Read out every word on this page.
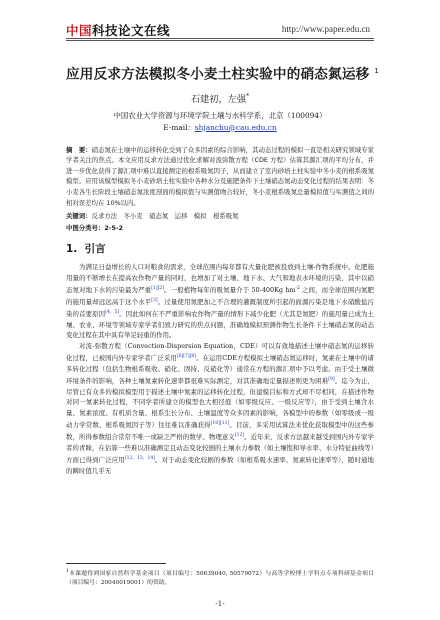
中国科技论文在线	http://www.paper.edu.cn
应用反求方法模拟冬小麦土柱实验中的硝态氮运移 $^1$
石建初，左强*
中国农业大学资源与环境学院土壤与水科学系，北京（100094）
E-mail：shjanchu@cau.edu.cn
摘　要：硝态氮在土壤中的运移转化受到了众多因素的综合影响，其动态过程的模拟一直是相关研究领域专家学者关注的焦点。本文应用反求方法通过优化求解对流弥散方程（CDE 方程）估算其源汇项的平均分布，并进一步优化获得了源汇项中难以直接测定的根系吸氮因子，从而建立了室内砂培土柱实验中冬小麦的根系吸氮模型。应用该模型模拟冬小麦砂培土柱实验中各种水分及施肥条件下土壤硝态氮动态变化过程的结果表明：冬小麦各生长阶段土壤硝态氮浓度剖面的模拟值与实测值吻合较好，冬小麦根系吸氮总量模拟值与实测值之间的相对误差均在 10%以内。
关键词：反求方法　冬小麦　硝态氮　运移　模拟　根系吸氮
中图分类号：2-5-2
1. 引言

为满足日益增长的人口对粮食的需求，全球范围内每年都有大量化肥被投放到土壤-作物系统中。化肥施用量的不断增长在提高农作物产量的同时，也增加了对土壤、地下水、大气和地表水环境的污染，其中以硝态氮对地下水的污染最为严重[1][2]。一般植物每年的吸氮量介于 50-400Kg $hm^{-2}$ 之间，而全球范围内氮肥的施用量却远远高于这个水平[3]。过量使用氮肥加之不合理的灌溉制度所引起的面源污染是地下水硝酸盐污染的首要原因[4，5]。因此如何在不严重影响农作物产量的情形下减少化肥（尤其是氮肥）的施用量已成为土壤、农业、环境等领域专家学者们致力研究的焦点问题，准确地模拟预测作物生长条件下土壤硝态氮的动态变化过程在其中具有举足轻重的作用。

对流-弥散方程（Convection-Dispersion Equation，CDE）可以有效地描述土壤中硝态氮的运移转化过程，已被国内外专家学者广泛采用[6][7][8]。在运用CDE方程模拟土壤硝态氮运移时，氮素在土壤中的诸多转化过程（包括生物根系吸收、硝化、固持、反硝化等）通常在方程的源汇项中予以考虑。由于受土壤微环境条件的影响，各种土壤氮素转化速率都很难实际测定，对其准确地定量描述则更为困难[9]。迄今为止，尽管已有众多的模拟模型用于描述土壤中氮素的运移转化过程，但建模目标和方式却不尽相同，在描述作物对同一氮素转化过程，不同学者所建立的模型也大相径庭（如零级反应、一级反应等），由于受到土壤含水量、氮素浓度、有机质含量、根系生长分布、土壤温度等众多因素的影响，各模型中的参数（如零级或一级动力学常数、根系吸氮因子等）往往难以准确获得[10][11]。目前，多采用试算法来优化获取模型中的这些参数，所得参数组合常常不唯一或缺乏严格的数学、物理意义[12]。近年来，反求方法越来越受到国内外专家学者的青睐，在估算一些难以准确测定且动态变化较剧的土壤水力参数（如土壤饱和导水率、水分特征曲线等）方面已得到广泛应用[12，13，14]。对于动态变化较剧的参数（如根系吸水速率、氮素转化速率等），随时通地的瞬时值几乎无

$^1$本课题得到国家自然科学基金项目（项目编号：50639040, 50579072）与高等学校博士学科点专项科研基金项目（项目编号：20040019001）的资助。
-1-
